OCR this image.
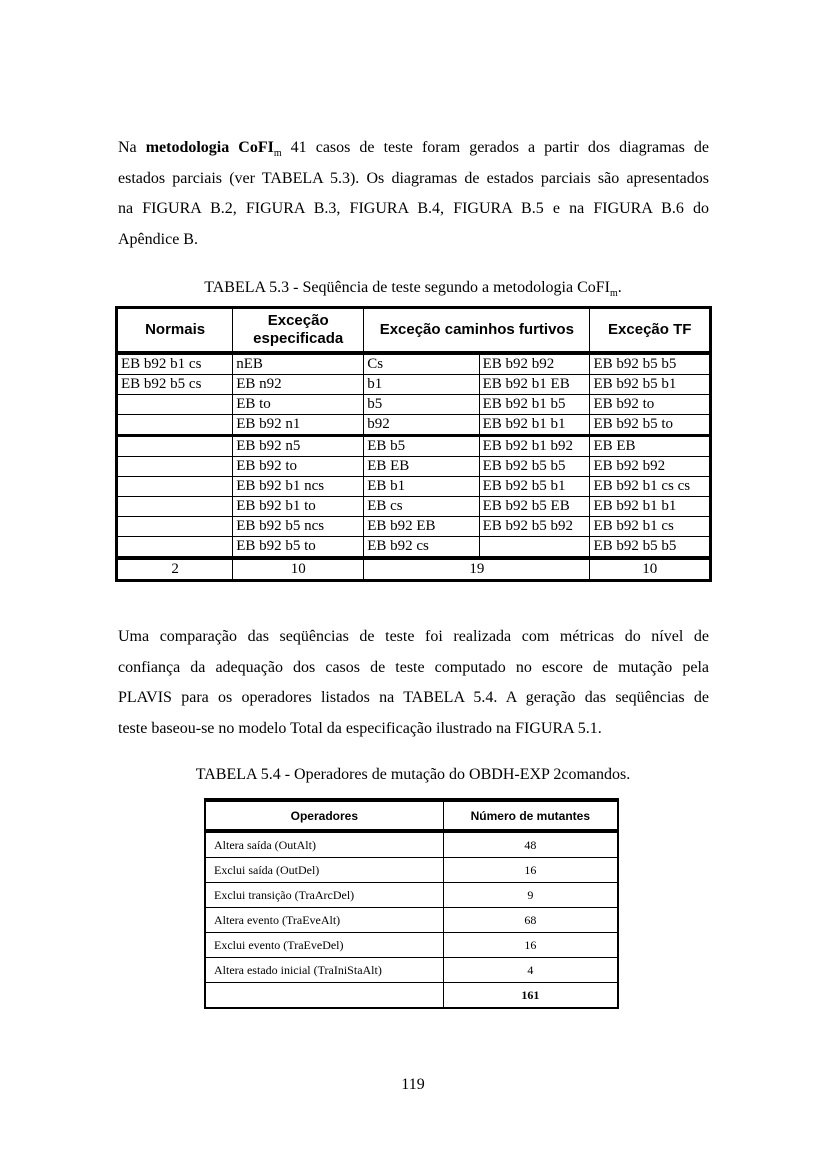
Na metodologia CoFI$_m$ 41 casos de teste foram gerados a partir dos diagramas de
estados parciais (ver TABELA 5.3). Os diagramas de estados parciais são apresentados
na FIGURA B.2, FIGURA B.3, FIGURA B.4, FIGURA B.5 e na FIGURA B.6 do
Apêndice B.

TABELA 5.3 - Seqüência de teste segundo a metodologia CoFI$_m$.

Normais	Exceção especificada	Exceção caminhos furtivos		Exceção TF
EB b92 b1 cs	nEB	Cs	EB b92 b92	EB b92 b5 b5
EB b92 b5 cs	EB n92	b1	EB b92 b1 EB	EB b92 b5 b1
	EB to	b5	EB b92 b1 b5	EB b92 to
	EB b92 n1	b92	EB b92 b1 b1	EB b92 b5 to
	EB b92 n5	EB b5	EB b92 b1 b92	EB EB
	EB b92 to	EB EB	EB b92 b5 b5	EB b92 b92
	EB b92 b1 ncs	EB b1	EB b92 b5 b1	EB b92 b1 cs cs
	EB b92 b1 to	EB cs	EB b92 b5 EB	EB b92 b1 b1
	EB b92 b5 ncs	EB b92 EB	EB b92 b5 b92	EB b92 b1 cs
	EB b92 b5 to	EB b92 cs		EB b92 b5 b5
2	10	19		10
Uma comparação das seqüências de teste foi realizada com métricas do nível de
confiança da adequação dos casos de teste computado no escore de mutação pela
PLAVIS para os operadores listados na TABELA 5.4. A geração das seqüências de
teste baseou-se no modelo Total da especificação ilustrado na FIGURA 5.1.

TABELA 5.4 - Operadores de mutação do OBDH-EXP 2comandos.

Operadores	Número de mutantes
Altera saída (OutAlt)	48
Exclui saída (OutDel)	16
Exclui transição (TraArcDel)	9
Altera evento (TraEveAlt)	68
Exclui evento (TraEveDel)	16
Altera estado inicial (TraIniStaAlt)	4
	161

119
